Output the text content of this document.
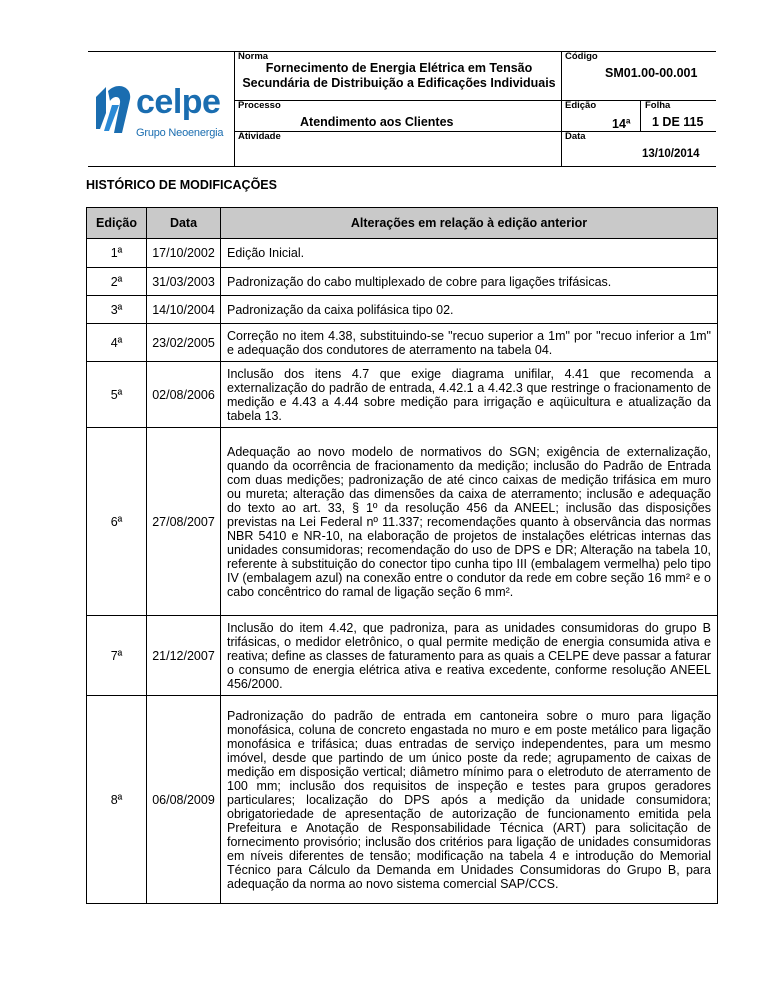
celpe
Grupo Neoenergia
Norma
Fornecimento de Energia Elétrica em Tensão Secundária de Distribuição a Edificações Individuais
Código
SM01.00-00.001
Processo
Atendimento aos Clientes
Edição
14ª
Folha
1 DE 115
Atividade	Data
13/10/2014
HISTÓRICO DE MODIFICAÇÕES
Edição	Data	Alterações em relação à edição anterior
1ª	17/10/2002	Edição Inicial.
2ª	31/03/2003	Padronização do cabo multiplexado de cobre para ligações trifásicas.
3ª	14/10/2004	Padronização da caixa polifásica tipo 02.
4ª	23/02/2005	Correção no item 4.38, substituindo-se "recuo superior a 1m" por "recuo inferior a 1m" e adequação dos condutores de aterramento na tabela 04.
5ª	02/08/2006	Inclusão dos itens 4.7 que exige diagrama unifilar, 4.41 que recomenda a externalização do padrão de entrada, 4.42.1 a 4.42.3 que restringe o fracionamento de medição e 4.43 a 4.44 sobre medição para irrigação e aqüicultura e atualização da tabela 13.
6ª	27/08/2007	Adequação ao novo modelo de normativos do SGN; exigência de externalização, quando da ocorrência de fracionamento da medição; inclusão do Padrão de Entrada com duas medições; padronização de até cinco caixas de medição trifásica em muro ou mureta; alteração das dimensões da caixa de aterramento; inclusão e adequação do texto ao art. 33, § 1º da resolução 456 da ANEEL; inclusão das disposições previstas na Lei Federal nº 11.337; recomendações quanto à observância das normas NBR 5410 e NR-10, na elaboração de projetos de instalações elétricas internas das unidades consumidoras; recomendação do uso de DPS e DR; Alteração na tabela 10, referente à substituição do conector tipo cunha tipo III (embalagem vermelha) pelo tipo IV (embalagem azul) na conexão entre o condutor da rede em cobre seção 16 mm² e o cabo concêntrico do ramal de ligação seção 6 mm².
7ª	21/12/2007	Inclusão do item 4.42, que padroniza, para as unidades consumidoras do grupo B trifásicas, o medidor eletrônico, o qual permite medição de energia consumida ativa e reativa; define as classes de faturamento para as quais a CELPE deve passar a faturar o consumo de energia elétrica ativa e reativa excedente, conforme resolução ANEEL 456/2000.
8ª	06/08/2009	Padronização do padrão de entrada em cantoneira sobre o muro para ligação monofásica, coluna de concreto engastada no muro e em poste metálico para ligação monofásica e trifásica; duas entradas de serviço independentes, para um mesmo imóvel, desde que partindo de um único poste da rede; agrupamento de caixas de medição em disposição vertical; diâmetro mínimo para o eletroduto de aterramento de 100 mm; inclusão dos requisitos de inspeção e testes para grupos geradores particulares; localização do DPS após a medição da unidade consumidora; obrigatoriedade de apresentação de autorização de funcionamento emitida pela Prefeitura e Anotação de Responsabilidade Técnica (ART) para solicitação de fornecimento provisório; inclusão dos critérios para ligação de unidades consumidoras em níveis diferentes de tensão; modificação na tabela 4 e introdução do Memorial Técnico para Cálculo da Demanda em Unidades Consumidoras do Grupo B, para adequação da norma ao novo sistema comercial SAP/CCS.
